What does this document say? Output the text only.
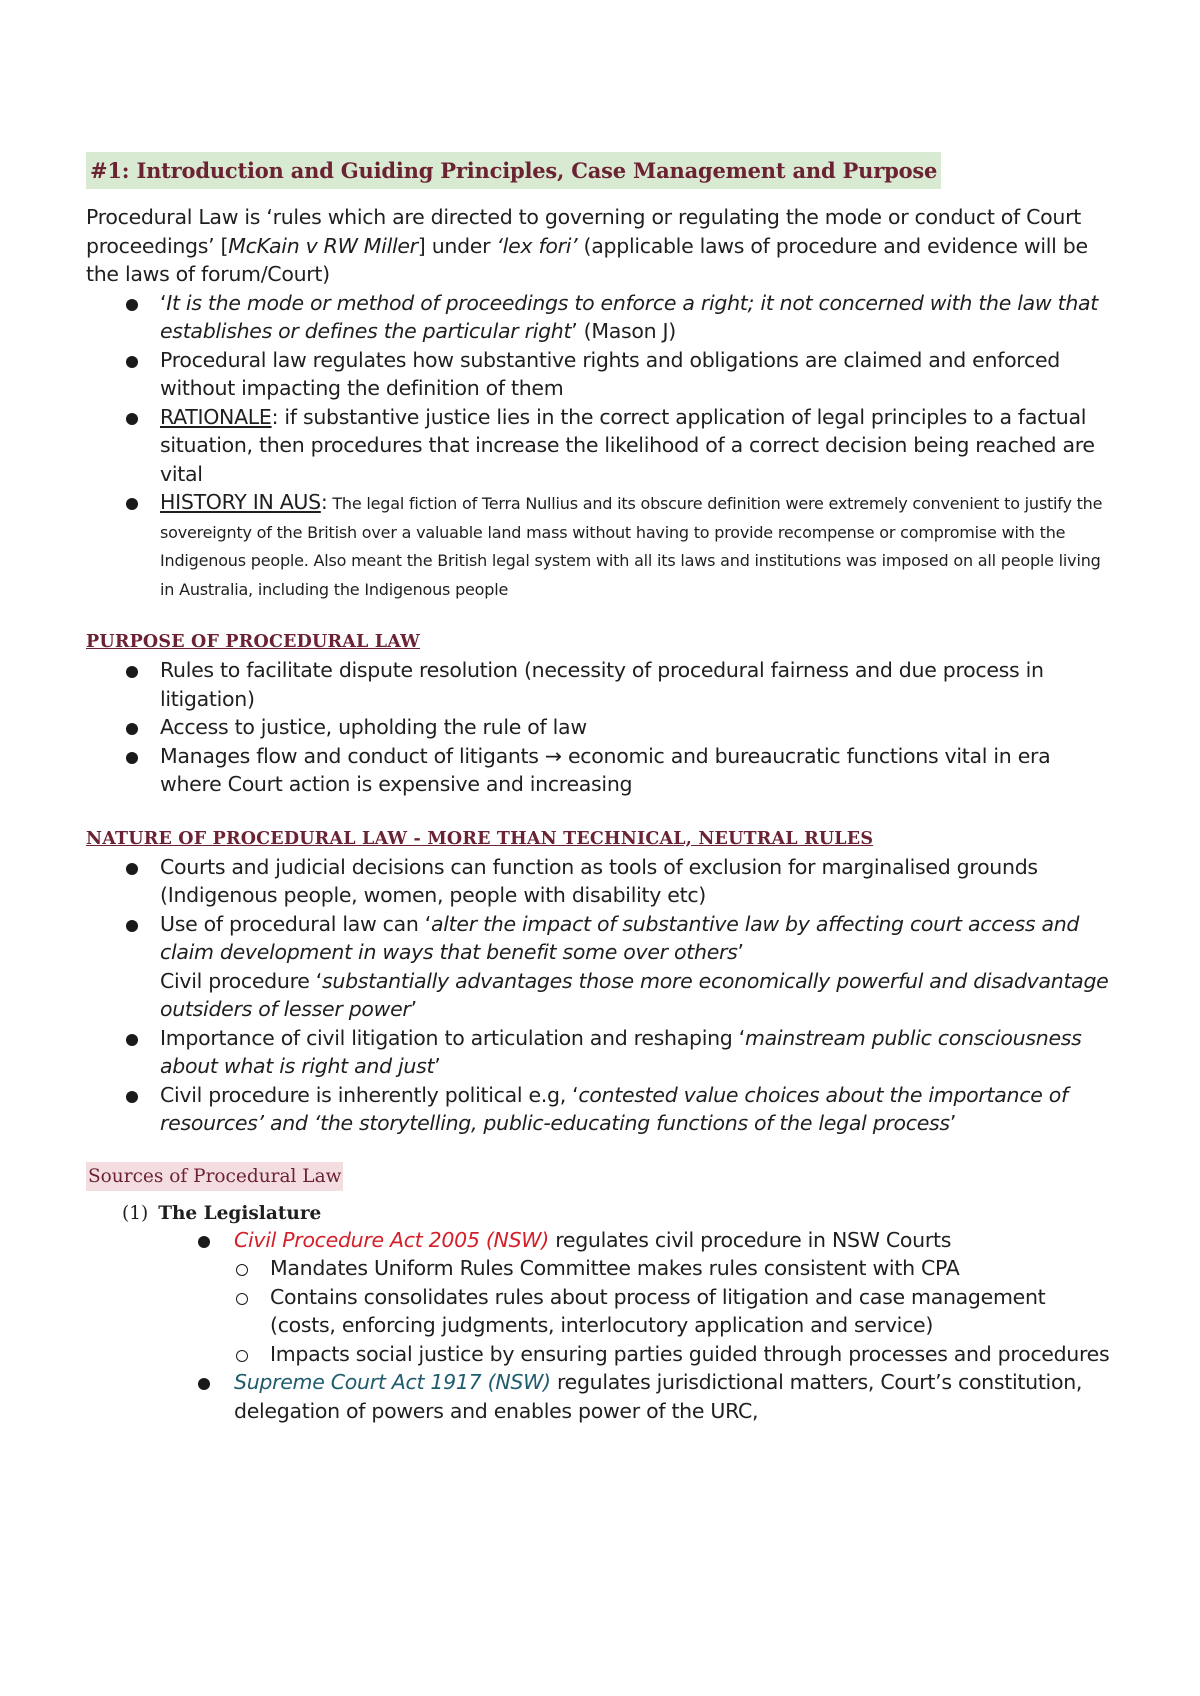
#1: Introduction and Guiding Principles, Case Management and Purpose

Procedural Law is ‘rules which are directed to governing or regulating the mode or conduct of Court proceedings’ [McKain v RW Miller] under ‘lex fori’ (applicable laws of procedure and evidence will be the laws of forum/Court)

‘It is the mode or method of proceedings to enforce a right; it not concerned with the law that establishes or defines the particular right’ (Mason J)
Procedural law regulates how substantive rights and obligations are claimed and enforced without impacting the definition of them
RATIONALE: if substantive justice lies in the correct application of legal principles to a factual situation, then procedures that increase the likelihood of a correct decision being reached are vital
HISTORY IN AUS: The legal fiction of Terra Nullius and its obscure definition were extremely convenient to justify the sovereignty of the British over a valuable land mass without having to provide recompense or compromise with the Indigenous people. Also meant the British legal system with all its laws and institutions was imposed on all people living in Australia, including the Indigenous people
PURPOSE OF PROCEDURAL LAW
Rules to facilitate dispute resolution (necessity of procedural fairness and due process in litigation)
Access to justice, upholding the rule of law
Manages flow and conduct of litigants → economic and bureaucratic functions vital in era where Court action is expensive and increasing
NATURE OF PROCEDURAL LAW - MORE THAN TECHNICAL, NEUTRAL RULES
Courts and judicial decisions can function as tools of exclusion for marginalised grounds (Indigenous people, women, people with disability etc)
Use of procedural law can ‘alter the impact of substantive law by affecting court access and claim development in ways that benefit some over others’
Civil procedure ‘substantially advantages those more economically powerful and disadvantage outsiders of lesser power’
Importance of civil litigation to articulation and reshaping ‘mainstream public consciousness about what is right and just’
Civil procedure is inherently political e.g, ‘contested value choices about the importance of resources’ and ‘the storytelling, public-educating functions of the legal process’
Sources of Procedural Law
(1) The Legislature
Civil Procedure Act 2005 (NSW) regulates civil procedure in NSW Courts
Mandates Uniform Rules Committee makes rules consistent with CPA
Contains consolidates rules about process of litigation and case management (costs, enforcing judgments, interlocutory application and service)
Impacts social justice by ensuring parties guided through processes and procedures
Supreme Court Act 1917 (NSW) regulates jurisdictional matters, Court’s constitution, delegation of powers and enables power of the URC,
